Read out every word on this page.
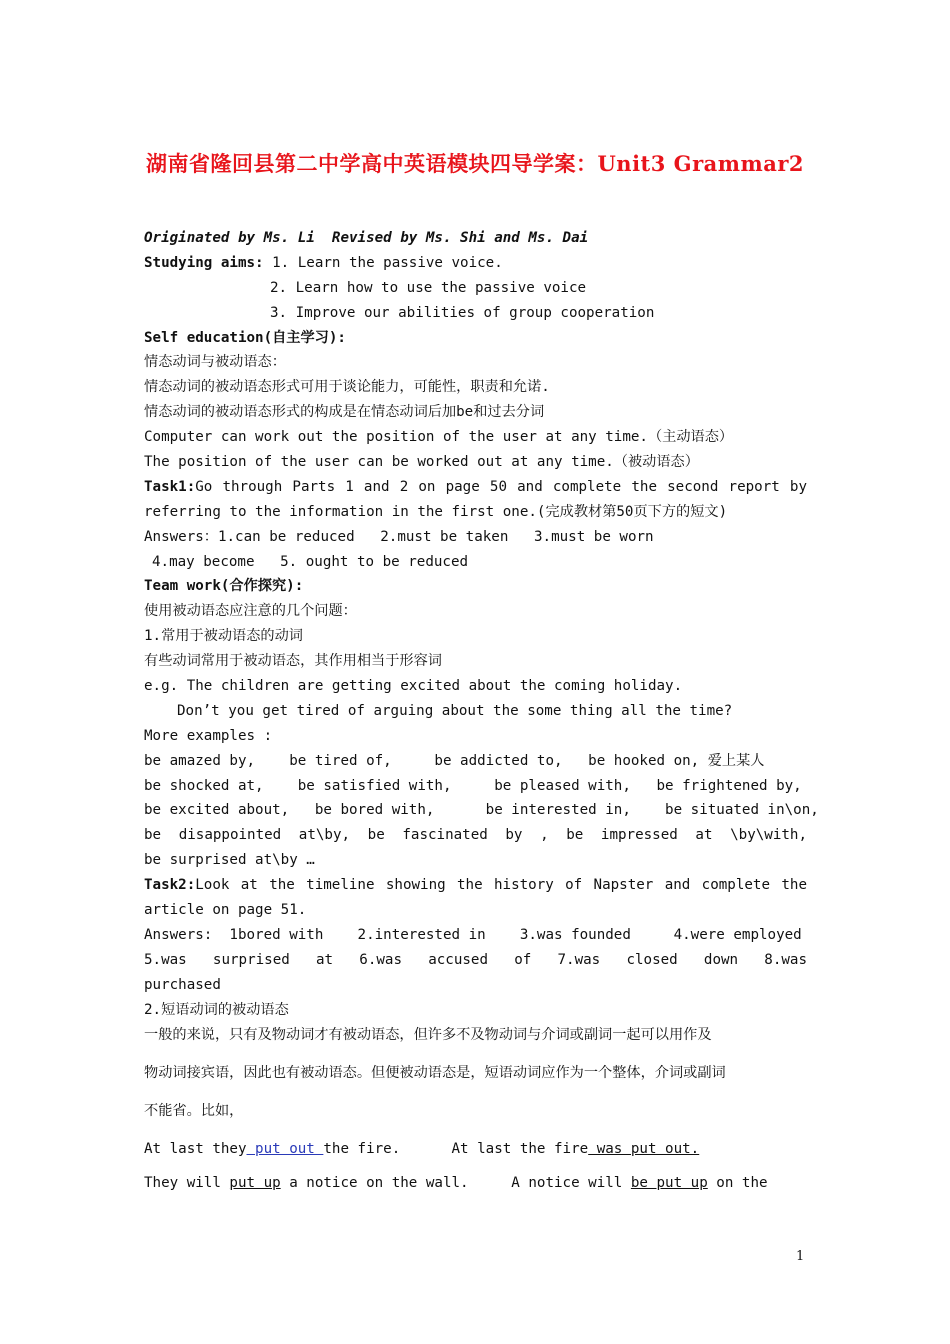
湖南省隆回县第二中学高中英语模块四导学案：Unit3 Grammar2
Originated by Ms. Li  Revised by Ms. Shi and Ms. Dai
Studying aims: 1. Learn the passive voice.
2. Learn how to use the passive voice
3. Improve our abilities of group cooperation
Self education(自主学习):
情态动词与被动语态：
情态动词的被动语态形式可用于谈论能力，可能性，职责和允诺.
情态动词的被动语态形式的构成是在情态动词后加be和过去分词
Computer can work out the position of the user at any time.（主动语态）
The position of the user can be worked out at any time.（被动语态）
Task1:Go through Parts 1 and 2 on page 50 and complete the second report by
referring to the information in the first one.(完成教材第50页下方的短文)
Answers：1.can be reduced   2.must be taken   3.must be worn
4.may become   5. ought to be reduced
Team work(合作探究):
使用被动语态应注意的几个问题：
1.常用于被动语态的动词
有些动词常用于被动语态，其作用相当于形容词
e.g. The children are getting excited about the coming holiday.
Don’t you get tired of arguing about the some thing all the time?
More examples :
be amazed by,    be tired of,     be addicted to,   be hooked on, 爱上某人
be shocked at,    be satisfied with,     be pleased with,   be frightened by,
be excited about,   be bored with,      be interested in,    be situated in\on,
be disappointed at\by, be fascinated by , be impressed at \by\with,
be surprised at\by …
Task2:Look at the timeline showing the history of Napster and complete the
article on page 51.
Answers:  1bored with    2.interested in    3.was founded     4.were employed
5.was surprised at 6.was accused of 7.was closed down 8.was
purchased
2.短语动词的被动语态
一般的来说，只有及物动词才有被动语态，但许多不及物动词与介词或副词一起可以用作及
物动词接宾语，因此也有被动语态。但便被动语态是，短语动词应作为一个整体，介词或副词
不能省。比如，
At last they put out the fire.      At last the fire was put out.
They will put up a notice on the wall.     A notice will be put up on the
1
